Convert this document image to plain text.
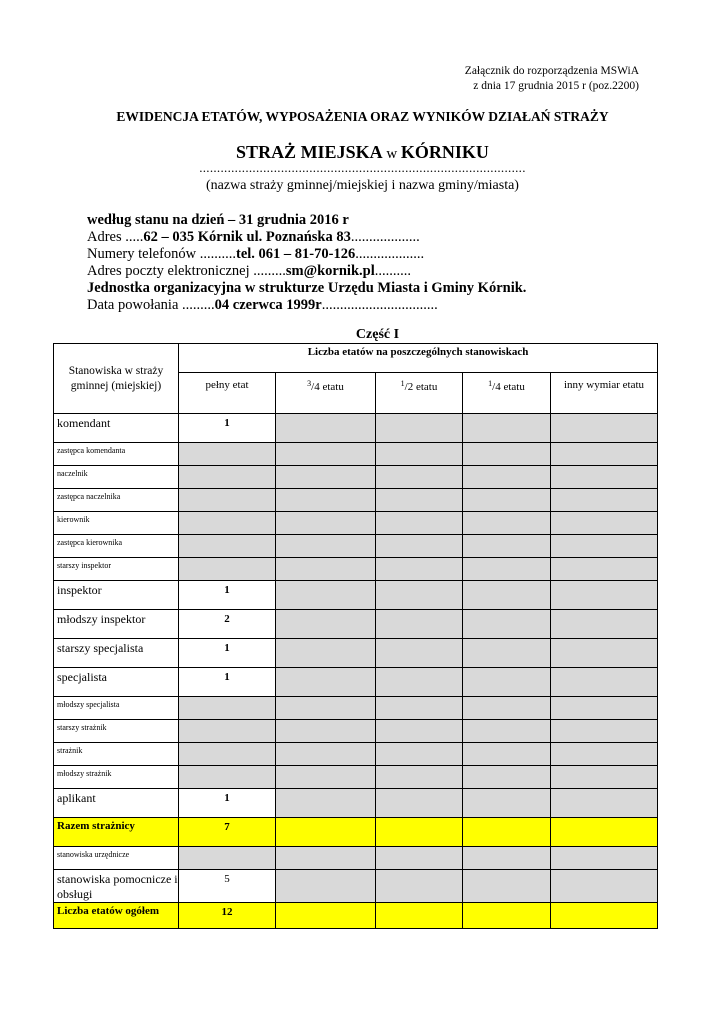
Załącznik do rozporządzenia MSWiA
z dnia 17 grudnia 2015 r (poz.2200)
EWIDENCJA ETATÓW, WYPOSAŻENIA ORAZ WYNIKÓW DZIAŁAŃ STRAŻY
STRAŻ MIEJSKA w KÓRNIKU
............................................................................................
(nazwa straży gminnej/miejskiej i nazwa gminy/miasta)
według stanu na dzień – 31 grudnia 2016 r
Adres .....62 – 035 Kórnik ul. Poznańska 83...................
Numery telefonów ..........tel. 061 – 81-70-126...................
Adres poczty elektronicznej .........sm@kornik.pl..........
Jednostka organizacyjna w strukturze Urzędu Miasta i Gminy Kórnik.
Data powołania .........04 czerwca 1999r................................
Część I
Stanowiska w straży gminnej (miejskiej)	Liczba etatów na poszczególnych stanowiskach				
	pełny etat	$^3$/4 etatu	$^1$/2 etatu	$^1$/4 etatu	inny wymiar etatu
komendant	1				
zastępca komendanta					
naczelnik					
zastępca naczelnika					
kierownik					
zastępca kierownika					
starszy inspektor					
inspektor	1				
młodszy inspektor	2				
starszy specjalista	1				
specjalista	1				
młodszy specjalista					
starszy strażnik					
strażnik					
młodszy strażnik					
aplikant	1				
Razem strażnicy	7				
stanowiska urzędnicze					
stanowiska pomocnicze i obsługi	5				
Liczba etatów ogółem	12				
